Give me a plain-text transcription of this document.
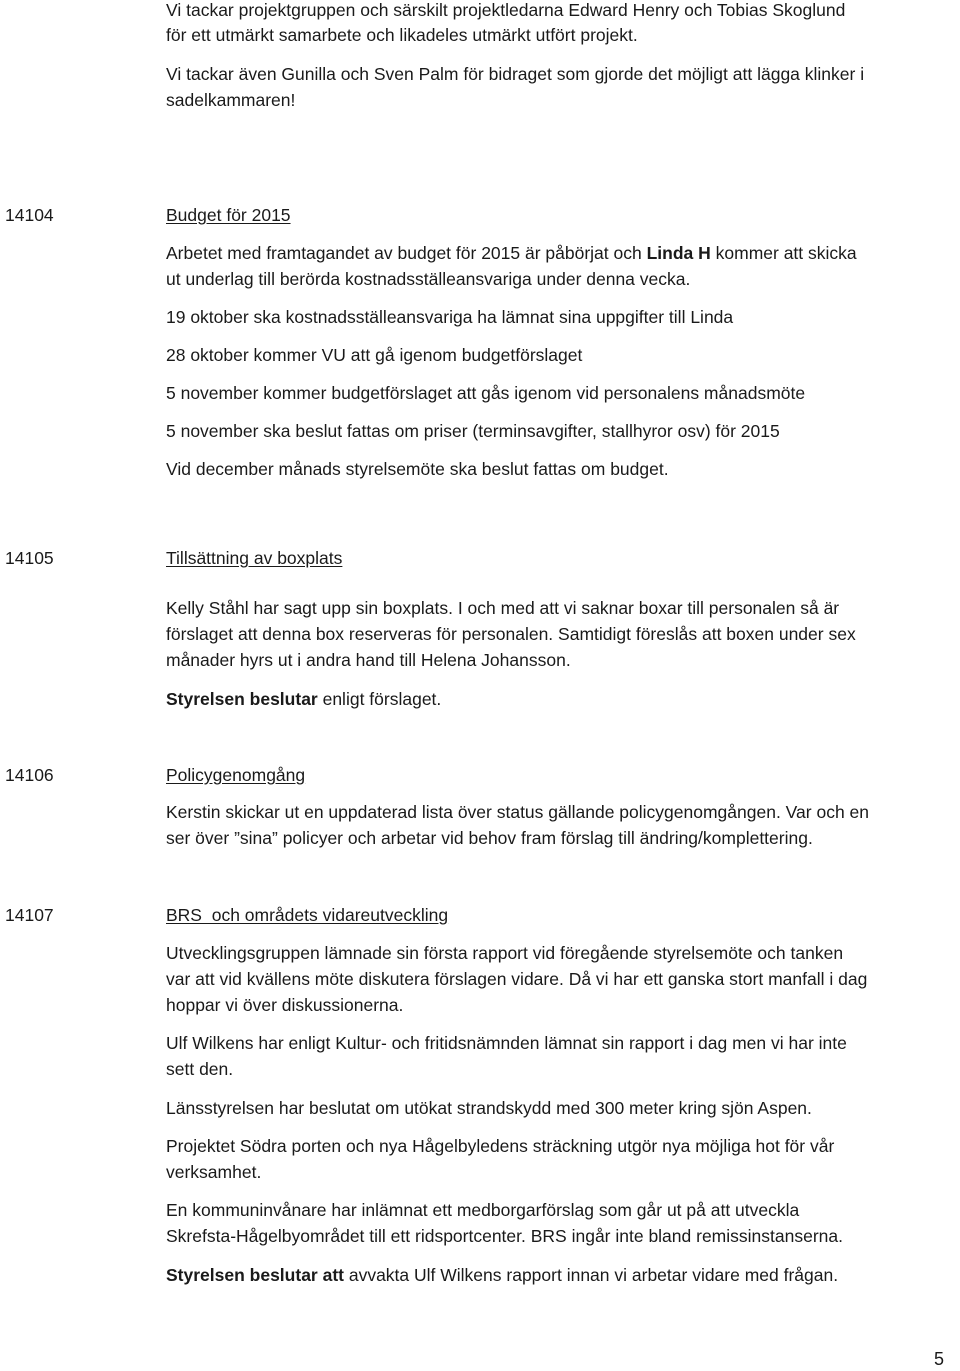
Vi tackar projektgruppen och särskilt projektledarna Edward Henry och Tobias Skoglund

för ett utmärkt samarbete och likadeles utmärkt utfört projekt.

Vi tackar även Gunilla och Sven Palm för bidraget som gjorde det möjligt att lägga klinker i

sadelkammaren!

14104	Budget för 2015

Arbetet med framtagandet av budget för 2015 är påbörjat och Linda H kommer att skicka

ut underlag till berörda kostnadsställeansvariga under denna vecka.

19 oktober ska kostnadsställeansvariga ha lämnat sina uppgifter till Linda

28 oktober kommer VU att gå igenom budgetförslaget

5 november kommer budgetförslaget att gås igenom vid personalens månadsmöte

5 november ska beslut fattas om priser (terminsavgifter, stallhyror osv) för 2015

Vid december månads styrelsemöte ska beslut fattas om budget.

14105	Tillsättning av boxplats

Kelly Ståhl har sagt upp sin boxplats. I och med att vi saknar boxar till personalen så är

förslaget att denna box reserveras för personalen. Samtidigt föreslås att boxen under sex

månader hyrs ut i andra hand till Helena Johansson.

Styrelsen beslutar enligt förslaget.

14106	Policygenomgång

Kerstin skickar ut en uppdaterad lista över status gällande policygenomgången. Var och en

ser över ”sina” policyer och arbetar vid behov fram förslag till ändring/komplettering.

14107	BRS  och områdets vidareutveckling

Utvecklingsgruppen lämnade sin första rapport vid föregående styrelsemöte och tanken

var att vid kvällens möte diskutera förslagen vidare. Då vi har ett ganska stort manfall i dag

hoppar vi över diskussionerna.

Ulf Wilkens har enligt Kultur- och fritidsnämnden lämnat sin rapport i dag men vi har inte

sett den.

Länsstyrelsen har beslutat om utökat strandskydd med 300 meter kring sjön Aspen.

Projektet Södra porten och nya Hågelbyledens sträckning utgör nya möjliga hot för vår

verksamhet.

En kommuninvånare har inlämnat ett medborgarförslag som går ut på att utveckla

Skrefsta-Hågelbyområdet till ett ridsportcenter. BRS ingår inte bland remissinstanserna.

Styrelsen beslutar att avvakta Ulf Wilkens rapport innan vi arbetar vidare med frågan.

5
